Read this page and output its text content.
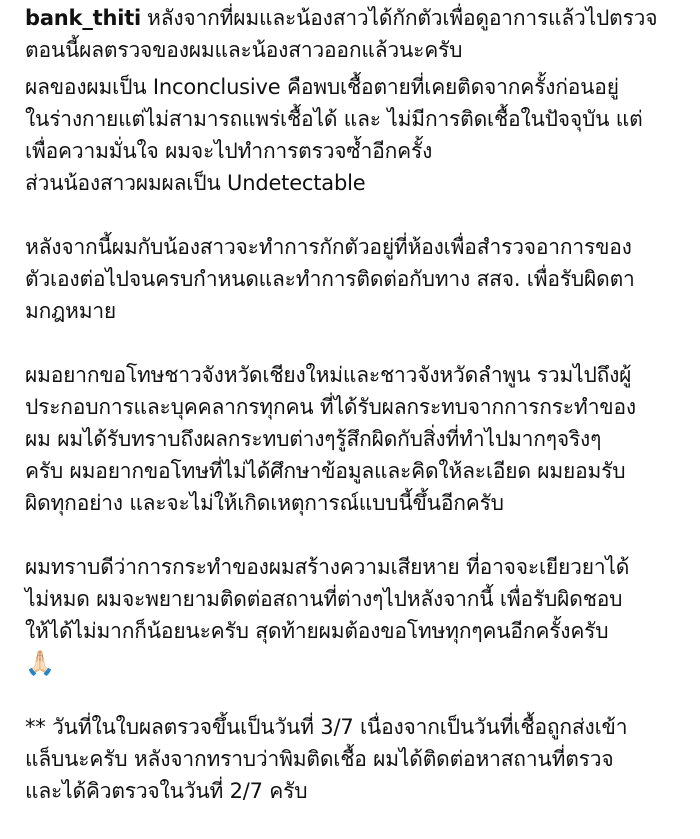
bank_thiti หลังจากที่ผมและน้องสาวได้กักตัวเพื่อดูอาการแล้วไปตรวจ
ตอนนี้ผลตรวจของผมและน้องสาวออกแล้วนะครับ
ผลของผมเป็น Inconclusive คือพบเชื้อตายที่เคยติดจากครั้งก่อนอยู่
ในร่างกายแต่ไม่สามารถแพร่เชื้อได้ และ ไม่มีการติดเชื้อในปัจจุบัน แต่
เพื่อความมั่นใจ ผมจะไปทำการตรวจซ้ำอีกครั้ง
ส่วนน้องสาวผมผลเป็น Undetectable
หลังจากนี้ผมกับน้องสาวจะทำการกักตัวอยู่ที่ห้องเพื่อสำรวจอาการของ
ตัวเองต่อไปจนครบกำหนดและทำการติดต่อกับทาง สสจ. เพื่อรับผิดตา
มกฎหมาย
ผมอยากขอโทษชาวจังหวัดเชียงใหม่และชาวจังหวัดลำพูน รวมไปถึงผู้
ประกอบการและบุคคลากรทุกคน ที่ได้รับผลกระทบจากการกระทำของ
ผม ผมได้รับทราบถึงผลกระทบต่างๆรู้สึกผิดกับสิ่งที่ทำไปมากๆจริงๆ
ครับ ผมอยากขอโทษที่ไม่ได้ศึกษาข้อมูลและคิดให้ละเอียด ผมยอมรับ
ผิดทุกอย่าง และจะไม่ให้เกิดเหตุการณ์แบบนี้ขึ้นอีกครับ
ผมทราบดีว่าการกระทำของผมสร้างความเสียหาย ที่อาจจะเยียวยาได้
ไม่หมด ผมจะพยายามติดต่อสถานที่ต่างๆไปหลังจากนี้ เพื่อรับผิดชอบ
ให้ได้ไม่มากก็น้อยนะครับ สุดท้ายผมต้องขอโทษทุกๆคนอีกครั้งครับ
🙏🏻
** วันที่ในใบผลตรวจขึ้นเป็นวันที่ 3/7 เนื่องจากเป็นวันที่เชื้อถูกส่งเข้า
แล็บนะครับ หลังจากทราบว่าพิมติดเชื้อ ผมได้ติดต่อหาสถานที่ตรวจ
และได้คิวตรวจในวันที่ 2/7 ครับ
